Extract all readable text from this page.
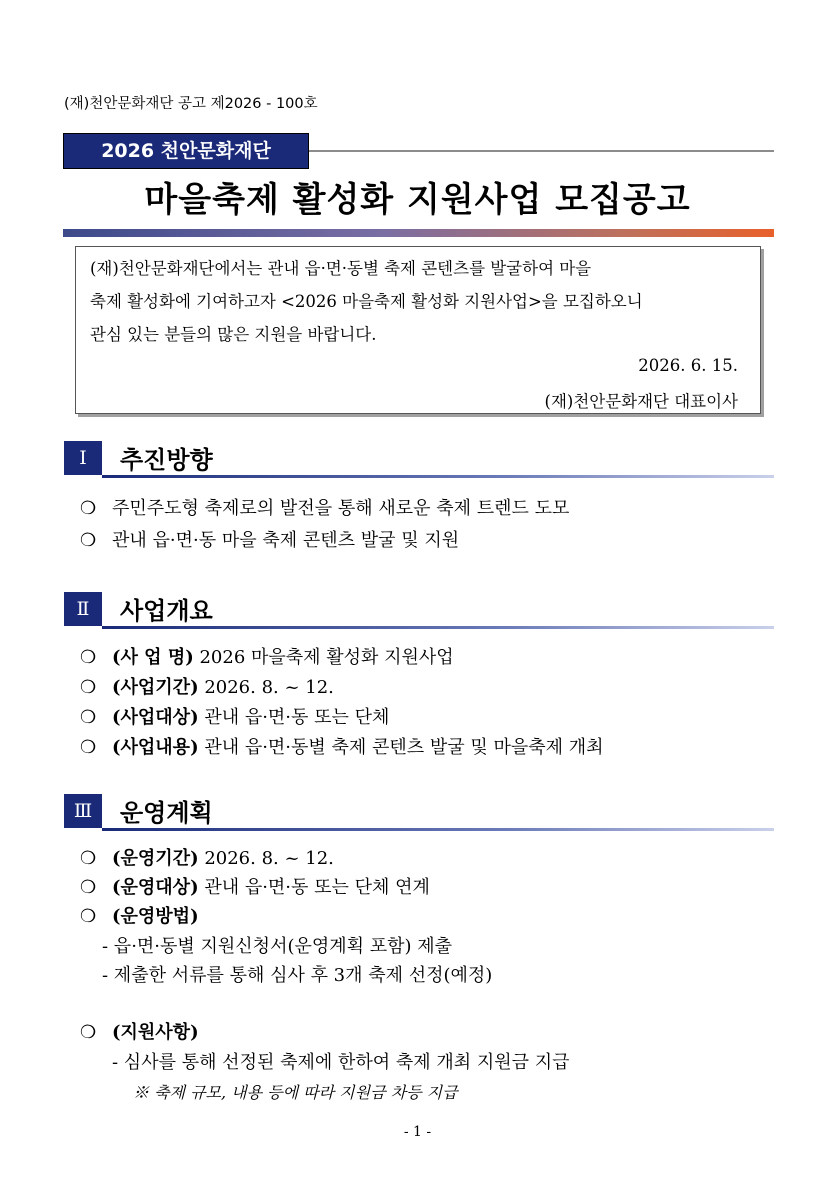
(재)천안문화재단 공고 제2026 - 100호
2026 천안문화재단
마을축제 활성화 지원사업 모집공고
(재)천안문화재단에서는 관내 읍·면·동별 축제 콘텐츠를 발굴하여 마을
축제 활성화에 기여하고자 <2026 마을축제 활성화 지원사업>을 모집하오니
관심 있는 분들의 많은 지원을 바랍니다.
2026. 6. 15.
(재)천안문화재단 대표이사
Ⅰ	추진방향
❍ 주민주도형 축제로의 발전을 통해 새로운 축제 트렌드 도모
❍ 관내 읍·면·동 마을 축제 콘텐츠 발굴 및 지원
Ⅱ	사업개요
❍ (사 업 명) 2026 마을축제 활성화 지원사업
❍ (사업기간) 2026. 8. ~ 12.
❍ (사업대상) 관내 읍·면·동 또는 단체
❍ (사업내용) 관내 읍·면·동별 축제 콘텐츠 발굴 및 마을축제 개최
Ⅲ	운영계획
❍ (운영기간) 2026. 8. ~ 12.
❍ (운영대상) 관내 읍·면·동 또는 단체 연계
❍ (운영방법)
- 읍·면·동별 지원신청서(운영계획 포함) 제출
- 제출한 서류를 통해 심사 후 3개 축제 선정(예정)
❍ (지원사항)
- 심사를 통해 선정된 축제에 한하여 축제 개최 지원금 지급
※ 축제 규모, 내용 등에 따라 지원금 차등 지급
- 1 -
